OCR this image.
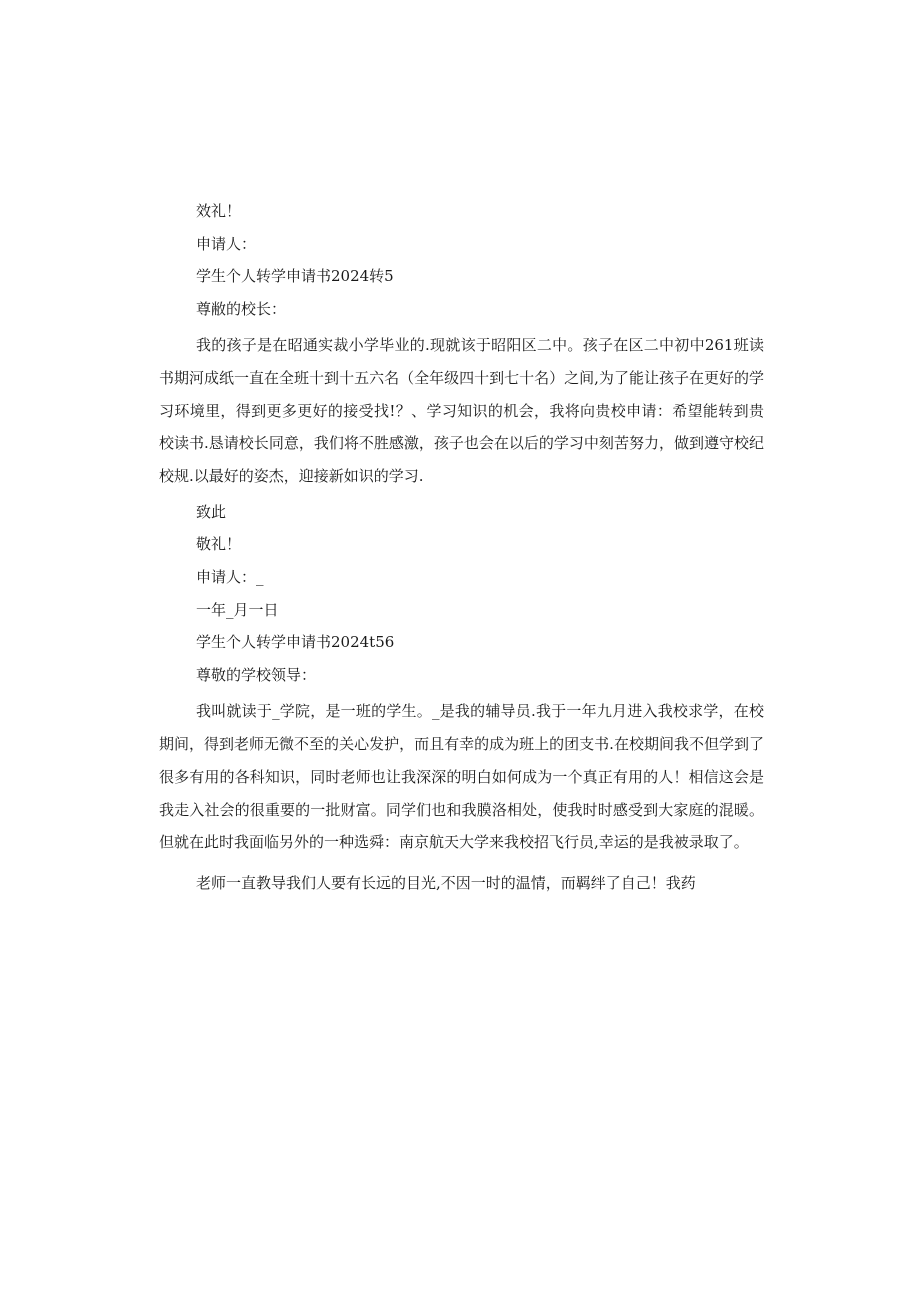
效礼！

申请人：

学生个人转学申请书2024转5

尊敝的校长：

我的孩子是在昭通实裁小学毕业的.现就该于昭阳区二中。孩子在区二中初中261班读书期河成纸一直在全班十到十五六名（全年级四十到七十名）之间,为了能让孩子在更好的学习环境里，得到更多更好的接受找!？、学习知识的机会，我将向贵校申请：希望能转到贵校读书.恳请校长同意，我们将不胜感激，孩子也会在以后的学习中刻苦努力，做到遵守校纪校规.以最好的姿杰，迎接新如识的学习.

致此

敬礼！

申请人：_

一年_月一日

学生个人转学申请书2024t56

尊敬的学校领导：

我叫就读于_学院，是一班的学生。_是我的辅导员.我于一年九月进入我校求学，在校期间，得到老师无微不至的关心发护，而且有幸的成为班上的团支书.在校期间我不但学到了很多有用的各科知识，同时老师也让我深深的明白如何成为一个真正有用的人！相信这会是我走入社会的很重要的一批财富。同学们也和我膜洛相处，使我时时感受到大家庭的混暖。但就在此时我面临另外的一种选舜：南京航天大学来我校招飞行员,幸运的是我被录取了。

老师一直教导我们人要有长远的目光,不因一时的温情，而羁绊了自己！我药
